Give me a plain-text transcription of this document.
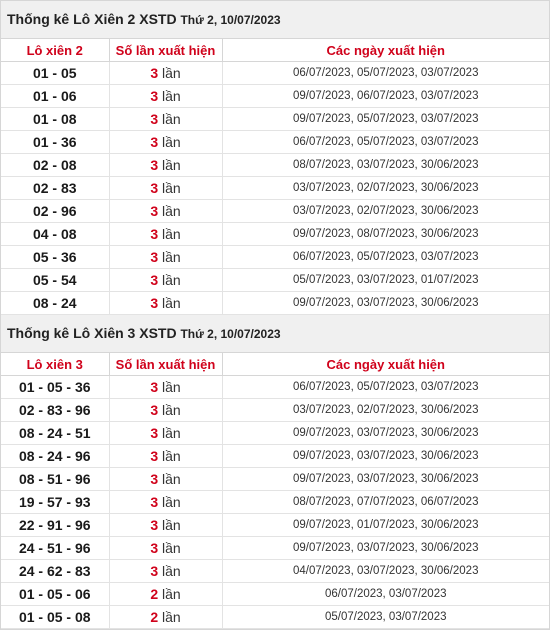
Thống kê Lô Xiên 2 XSTD Thứ 2, 10/07/2023
Lô xiên 2	Số lần xuất hiện	Các ngày xuất hiện
01 - 05	3 lần	06/07/2023, 05/07/2023, 03/07/2023
01 - 06	3 lần	09/07/2023, 06/07/2023, 03/07/2023
01 - 08	3 lần	09/07/2023, 05/07/2023, 03/07/2023
01 - 36	3 lần	06/07/2023, 05/07/2023, 03/07/2023
02 - 08	3 lần	08/07/2023, 03/07/2023, 30/06/2023
02 - 83	3 lần	03/07/2023, 02/07/2023, 30/06/2023
02 - 96	3 lần	03/07/2023, 02/07/2023, 30/06/2023
04 - 08	3 lần	09/07/2023, 08/07/2023, 30/06/2023
05 - 36	3 lần	06/07/2023, 05/07/2023, 03/07/2023
05 - 54	3 lần	05/07/2023, 03/07/2023, 01/07/2023
08 - 24	3 lần	09/07/2023, 03/07/2023, 30/06/2023
Thống kê Lô Xiên 3 XSTD Thứ 2, 10/07/2023
Lô xiên 3	Số lần xuất hiện	Các ngày xuất hiện
01 - 05 - 36	3 lần	06/07/2023, 05/07/2023, 03/07/2023
02 - 83 - 96	3 lần	03/07/2023, 02/07/2023, 30/06/2023
08 - 24 - 51	3 lần	09/07/2023, 03/07/2023, 30/06/2023
08 - 24 - 96	3 lần	09/07/2023, 03/07/2023, 30/06/2023
08 - 51 - 96	3 lần	09/07/2023, 03/07/2023, 30/06/2023
19 - 57 - 93	3 lần	08/07/2023, 07/07/2023, 06/07/2023
22 - 91 - 96	3 lần	09/07/2023, 01/07/2023, 30/06/2023
24 - 51 - 96	3 lần	09/07/2023, 03/07/2023, 30/06/2023
24 - 62 - 83	3 lần	04/07/2023, 03/07/2023, 30/06/2023
01 - 05 - 06	2 lần	06/07/2023, 03/07/2023
01 - 05 - 08	2 lần	05/07/2023, 03/07/2023
